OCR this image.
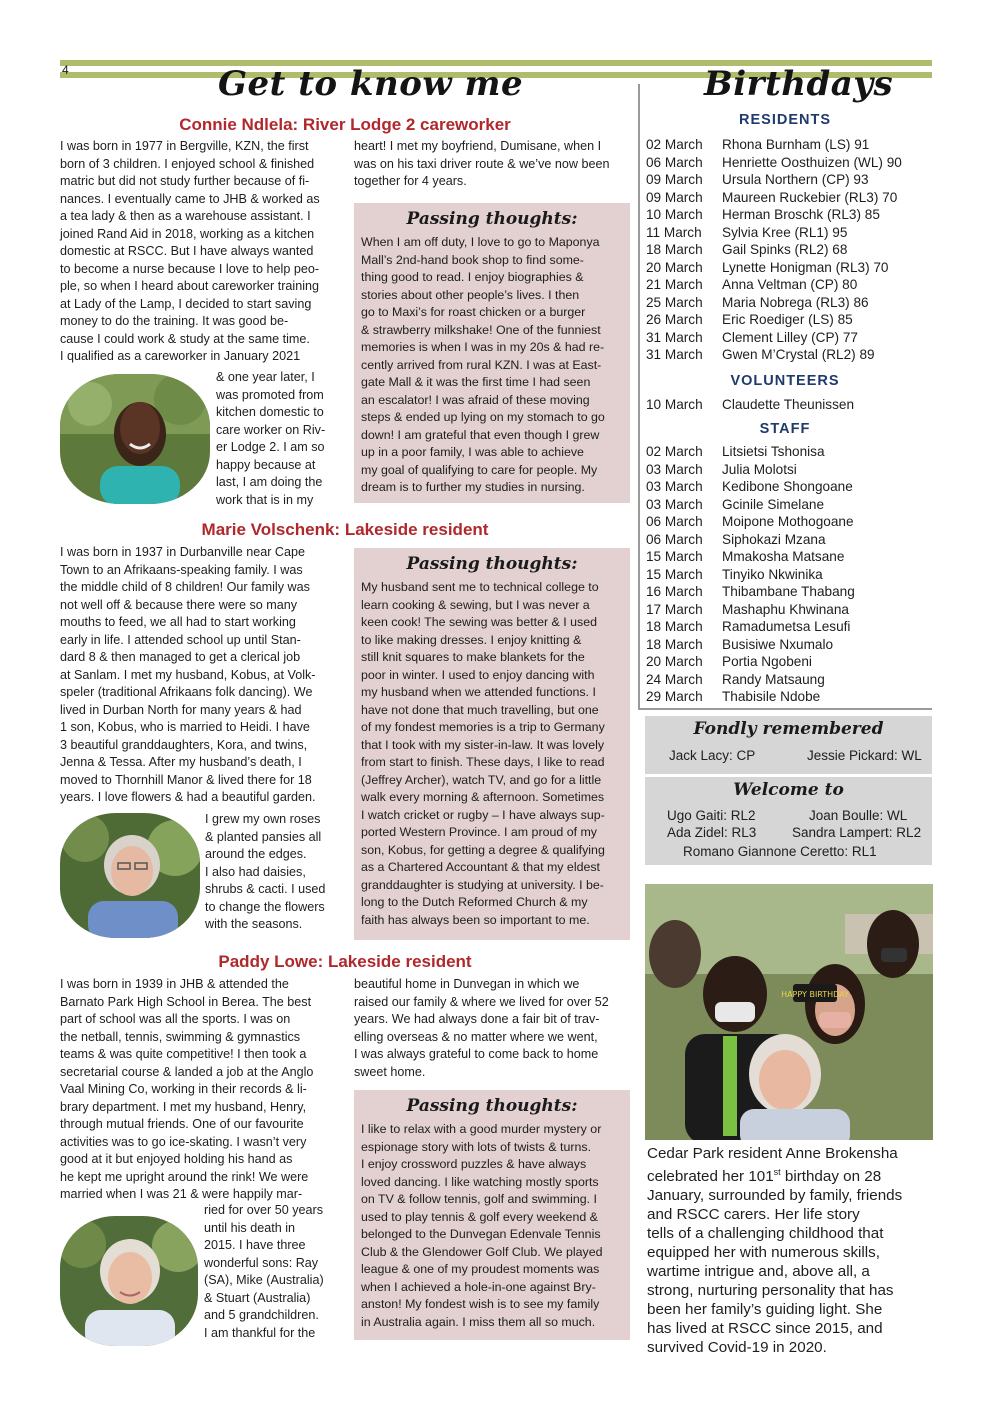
4	Get to know me	Birthdays
Connie Ndlela: River Lodge 2 careworker
I was born in 1977 in Bergville, KZN, the first
born of 3 children. I enjoyed school & finished
matric but did not study further because of fi-
nances. I eventually came to JHB & worked as
a tea lady & then as a warehouse assistant. I
joined Rand Aid in 2018, working as a kitchen
domestic at RSCC. But I have always wanted
to become a nurse because I love to help peo-
ple, so when I heard about careworker training
at Lady of the Lamp, I decided to start saving
money to do the training. It was good be-
cause I could work & study at the same time.
I qualified as a careworker in January 2021
& one year later, I
was promoted from
kitchen domestic to
care worker on Riv-
er Lodge 2. I am so
happy because at
last, I am doing the
work that is in my
heart! I met my boyfriend, Dumisane, when I
was on his taxi driver route & we’ve now been
together for 4 years.
Passing thoughts:
When I am off duty, I love to go to Maponya
Mall’s 2nd-hand book shop to find some-
thing good to read. I enjoy biographies &
stories about other people’s lives. I then
go to Maxi’s for roast chicken or a burger
& strawberry milkshake! One of the funniest
memories is when I was in my 20s & had re-
cently arrived from rural KZN. I was at East-
gate Mall & it was the first time I had seen
an escalator! I was afraid of these moving
steps & ended up lying on my stomach to go
down! I am grateful that even though I grew
up in a poor family, I was able to achieve
my goal of qualifying to care for people. My
dream is to further my studies in nursing.
Marie Volschenk: Lakeside resident
I was born in 1937 in Durbanville near Cape
Town to an Afrikaans-speaking family. I was
the middle child of 8 children! Our family was
not well off & because there were so many
mouths to feed, we all had to start working
early in life. I attended school up until Stan-
dard 8 & then managed to get a clerical job
at Sanlam. I met my husband, Kobus, at Volk-
speler (traditional Afrikaans folk dancing). We
lived in Durban North for many years & had
1 son, Kobus, who is married to Heidi. I have
3 beautiful granddaughters, Kora, and twins,
Jenna & Tessa. After my husband’s death, I
moved to Thornhill Manor & lived there for 18
years. I love flowers & had a beautiful garden.
I grew my own roses
& planted pansies all
around the edges.
I also had daisies,
shrubs & cacti. I used
to change the flowers
with the seasons.
Passing thoughts:
My husband sent me to technical college to
learn cooking & sewing, but I was never a
keen cook! The sewing was better & I used
to like making dresses. I enjoy knitting &
still knit squares to make blankets for the
poor in winter. I used to enjoy dancing with
my husband when we attended functions. I
have not done that much travelling, but one
of my fondest memories is a trip to Germany
that I took with my sister-in-law. It was lovely
from start to finish. These days, I like to read
(Jeffrey Archer), watch TV, and go for a little
walk every morning & afternoon. Sometimes
I watch cricket or rugby – I have always sup-
ported Western Province. I am proud of my
son, Kobus, for getting a degree & qualifying
as a Chartered Accountant & that my eldest
granddaughter is studying at university. I be-
long to the Dutch Reformed Church & my
faith has always been so important to me.
Paddy Lowe: Lakeside resident
I was born in 1939 in JHB & attended the
Barnato Park High School in Berea. The best
part of school was all the sports. I was on
the netball, tennis, swimming & gymnastics
teams & was quite competitive! I then took a
secretarial course & landed a job at the Anglo
Vaal Mining Co, working in their records & li-
brary department. I met my husband, Henry,
through mutual friends. One of our favourite
activities was to go ice-skating. I wasn’t very
good at it but enjoyed holding his hand as
he kept me upright around the rink! We were
married when I was 21 & were happily mar-
ried for over 50 years
until his death in
2015. I have three
wonderful sons: Ray
(SA), Mike (Australia)
& Stuart (Australia)
and 5 grandchildren.
I am thankful for the
beautiful home in Dunvegan in which we
raised our family & where we lived for over 52
years. We had always done a fair bit of trav-
elling overseas & no matter where we went,
I was always grateful to come back to home
sweet home.
Passing thoughts:
I like to relax with a good murder mystery or
espionage story with lots of twists & turns.
I enjoy crossword puzzles & have always
loved dancing. I like watching mostly sports
on TV & follow tennis, golf and swimming. I
used to play tennis & golf every weekend &
belonged to the Dunvegan Edenvale Tennis
Club & the Glendower Golf Club. We played
league & one of my proudest moments was
when I achieved a hole-in-one against Bry-
anston! My fondest wish is to see my family
in Australia again. I miss them all so much.
RESIDENTS
02 March Rhona Burnham (LS) 91
06 March Henriette Oosthuizen (WL) 90
09 March Ursula Northern (CP) 93
09 March Maureen Ruckebier (RL3) 70
10 March Herman Broschk (RL3) 85
11 March Sylvia Kree (RL1) 95
18 March Gail Spinks (RL2) 68
20 March Lynette Honigman (RL3) 70
21 March Anna Veltman (CP) 80
25 March Maria Nobrega (RL3) 86
26 March Eric Roediger (LS) 85
31 March Clement Lilley (CP) 77
31 March Gwen M’Crystal (RL2) 89
VOLUNTEERS
10 March Claudette Theunissen
STAFF
02 March Litsietsi Tshonisa
03 March Julia Molotsi
03 March Kedibone Shongoane
03 March Gcinile Simelane
06 March Moipone Mothogoane
06 March Siphokazi Mzana
15 March Mmakosha Matsane
15 March Tinyiko Nkwinika
16 March Thibambane Thabang
17 March Mashaphu Khwinana
18 March Ramadumetsa Lesufi
18 March Busisiwe Nxumalo
20 March Portia Ngobeni
24 March Randy Matsaung
29 March Thabisile Ndobe
Fondly remembered
Jack Lacy: CP	Jessie Pickard: WL
Welcome to
Ugo Gaiti: RL2	Joan Boulle: WL
Ada Zidel: RL3	Sandra Lampert: RL2
Romano Giannone Ceretto: RL1
HAPPY BIRTHDAY
Cedar Park resident Anne Brokensha celebrated her 101st birthday on 28
January, surrounded by family, friends
and RSCC carers. Her life story
tells of a challenging childhood that
equipped her with numerous skills,
wartime intrigue and, above all, a
strong, nurturing personality that has
been her family’s guiding light. She
has lived at RSCC since 2015, and
survived Covid-19 in 2020.
